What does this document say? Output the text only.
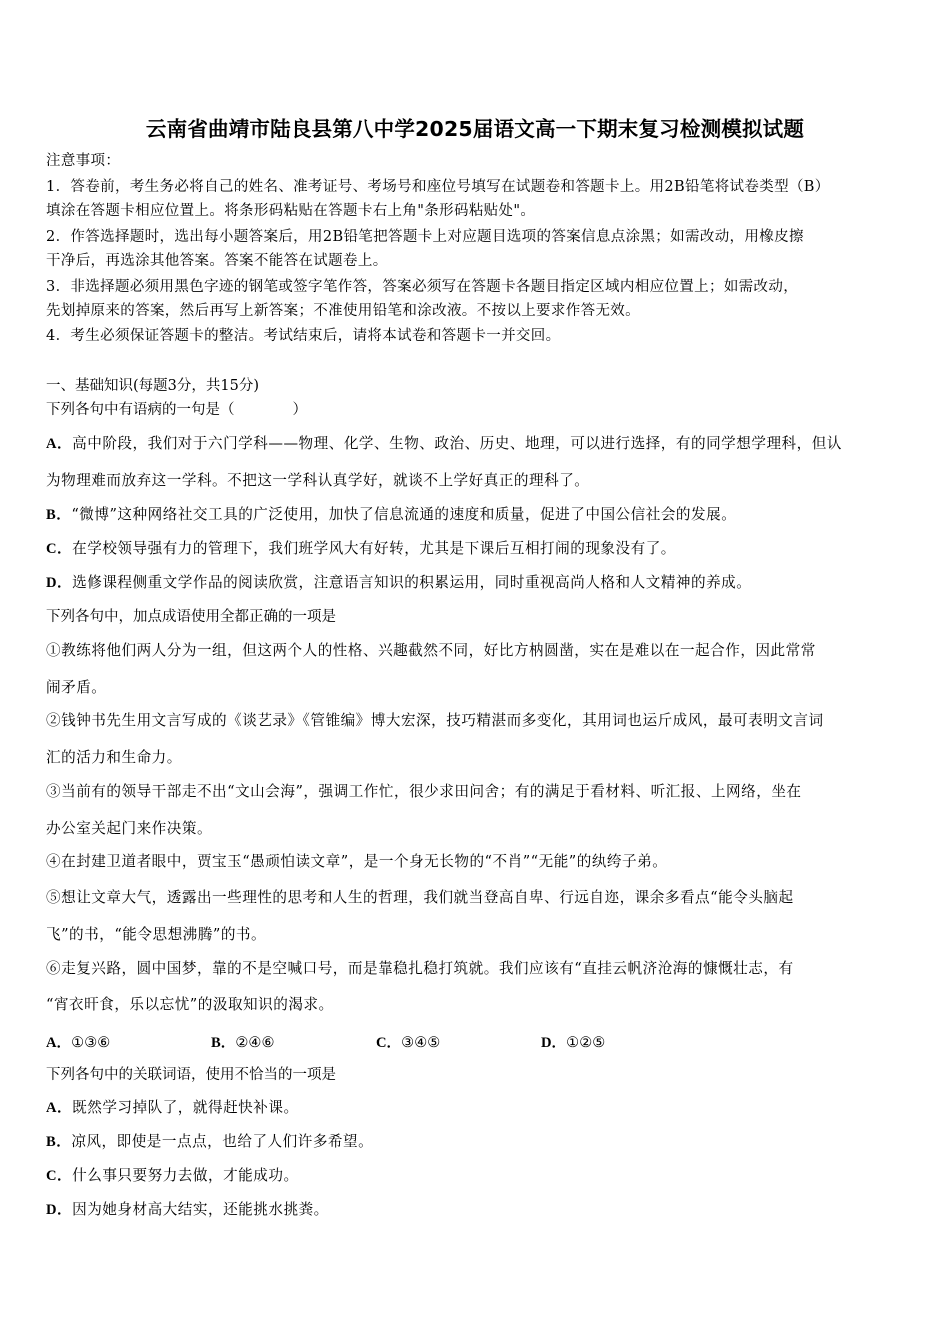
云南省曲靖市陆良县第八中学2025届语文高一下期末复习检测模拟试题
注意事项：
1．答卷前，考生务必将自己的姓名、准考证号、考场号和座位号填写在试题卷和答题卡上。用2B铅笔将试卷类型（B）
填涂在答题卡相应位置上。将条形码粘贴在答题卡右上角"条形码粘贴处"。
2．作答选择题时，选出每小题答案后，用2B铅笔把答题卡上对应题目选项的答案信息点涂黑；如需改动，用橡皮擦
干净后，再选涂其他答案。答案不能答在试题卷上。
3．非选择题必须用黑色字迹的钢笔或签字笔作答，答案必须写在答题卡各题目指定区域内相应位置上；如需改动，
先划掉原来的答案，然后再写上新答案；不准使用铅笔和涂改液。不按以上要求作答无效。
4．考生必须保证答题卡的整洁。考试结束后，请将本试卷和答题卡一并交回。
一、基础知识(每题3分，共15分)
下列各句中有语病的一句是（　　　　）
A．高中阶段，我们对于六门学科——物理、化学、生物、政治、历史、地理，可以进行选择，有的同学想学理科，但认
为物理难而放弃这一学科。不把这一学科认真学好，就谈不上学好真正的理科了。
B．“微博”这种网络社交工具的广泛使用，加快了信息流通的速度和质量，促进了中国公信社会的发展。
C．在学校领导强有力的管理下，我们班学风大有好转，尤其是下课后互相打闹的现象没有了。
D．选修课程侧重文学作品的阅读欣赏，注意语言知识的积累运用，同时重视高尚人格和人文精神的养成。
下列各句中，加点成语使用全都正确的一项是
①教练将他们两人分为一组，但这两个人的性格、兴趣截然不同，好比方枘圆凿，实在是难以在一起合作，因此常常
闹矛盾。
②钱钟书先生用文言写成的《谈艺录》《管锥编》博大宏深，技巧精湛而多变化，其用词也运斤成风，最可表明文言词
汇的活力和生命力。
③当前有的领导干部走不出“文山会海”，强调工作忙，很少求田问舍；有的满足于看材料、听汇报、上网络，坐在
办公室关起门来作决策。
④在封建卫道者眼中，贾宝玉“愚顽怕读文章”，是一个身无长物的“不肖”“无能”的纨绔子弟。
⑤想让文章大气，透露出一些理性的思考和人生的哲理，我们就当登高自卑、行远自迩，课余多看点“能令头脑起
飞”的书，“能令思想沸腾”的书。
⑥走复兴路，圆中国梦，靠的不是空喊口号，而是靠稳扎稳打筑就。我们应该有“直挂云帆济沧海的慷慨壮志，有
“宵衣旰食，乐以忘忧”的汲取知识的渴求。
A．①③⑥	B．②④⑥	C．③④⑤	D．①②⑤
下列各句中的关联词语，使用不恰当的一项是
A．既然学习掉队了，就得赶快补课。
B．凉风，即使是一点点，也给了人们许多希望。
C．什么事只要努力去做，才能成功。
D．因为她身材高大结实，还能挑水挑粪。
